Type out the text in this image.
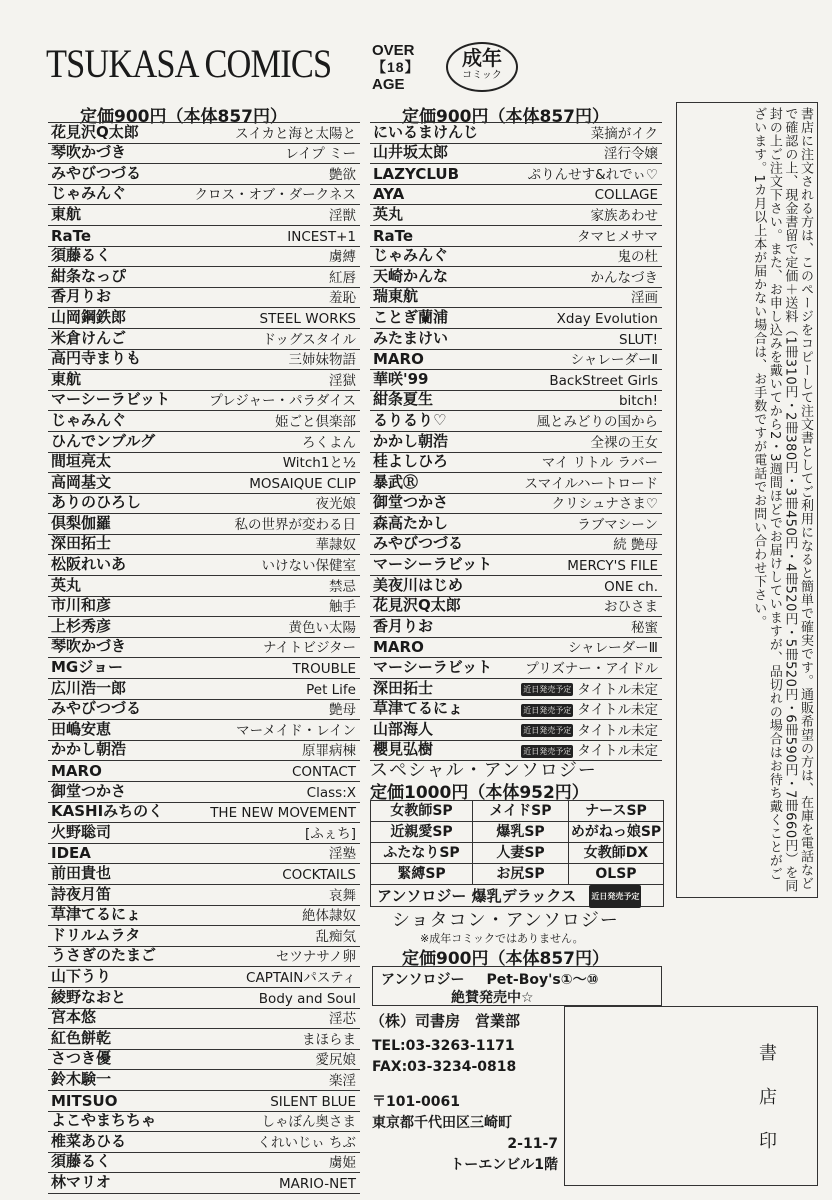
TSUKASA COMICS	OVER
【18】
AGE
成年
コミック
定価900円（本体857円）	定価900円（本体857円）
花見沢Q太郎	スイカと海と太陽と
琴吹かづき	レイプ ミー
みやびつづる	艶欲
じゃみんぐ	クロス・オブ・ダークネス
東航	淫獣
RaTe	INCEST+1
須藤るく	虜縛
紺条なっぴ	紅唇
香月りお	羞恥
山岡鋼鉄郎	STEEL WORKS
米倉けんご	ドッグスタイル
高円寺まりも	三姉妹物語
東航	淫獄
マーシーラビット	プレジャー・パラダイス
じゃみんぐ	姫ごと倶楽部
ひんでンブルグ	ろくよん
間垣亮太	Witch1と½
高岡基文	MOSAIQUE CLIP
ありのひろし	夜光娘
倶梨伽羅	私の世界が変わる日
深田拓士	華隷奴
松阪れいあ	いけない保健室
英丸	禁忌
市川和彦	触手
上杉秀彦	黄色い太陽
琴吹かづき	ナイトビジター
MGジョー	TROUBLE
広川浩一郎	Pet Life
みやびつづる	艶母
田嶋安恵	マーメイド・レイン
かかし朝浩	原罪病棟
MARO	CONTACT
御堂つかさ	Class:X
KASHIみちのく	THE NEW MOVEMENT
火野聡司	[ふぇち]
IDEA	淫塾
前田貴也	COCKTAILS
詩夜月笛	哀舞
草津てるにょ	絶体隷奴
ドリルムラタ	乱痴気
うさぎのたまご	セツナサノ卵
山下うり	CAPTAINパスティ
綾野なおと	Body and Soul
宮本悠	淫芯
紅色餅乾	まほらま
さつき優	愛尻娘
鈴木験一	楽淫
MITSUO	SILENT BLUE
よこやまちちゃ	しゃぼん奥さま
椎菜あひる	くれいじぃ ちぶ
須藤るく	虜姫
林マリオ	MARIO-NET
にいるまけんじ	菜摘がイク
山井坂太郎	淫行令嬢
LAZYCLUB	ぷりんせす&れでぃ♡
AYA	COLLAGE
英丸	家族あわせ
RaTe	タマヒメサマ
じゃみんぐ	鬼の杜
天崎かんな	かんなづき
瑞東航	淫画
ことぎ蘭浦	Xday Evolution
みたまけい	SLUT!
MARO	シャレーダーⅡ
華咲'99	BackStreet Girls
紺条夏生	bitch!
るりるり♡	風とみどりの国から
かかし朝浩	全裸の王女
桂よしひろ	マイ リトル ラバー
暴武Ⓡ	スマイルハートロード
御堂つかさ	クリシュナさま♡
森高たかし	ラブマシーン
みやびつづる	続 艶母
マーシーラビット	MERCY'S FILE
美夜川はじめ	ONE ch.
花見沢Q太郎	おひさま
香月りお	秘蜜
MARO	シャレーダーⅢ
マーシーラビット プリズナー・アイドル
深田拓士	近日発売予定 タイトル未定
草津てるにょ	近日発売予定 タイトル未定
山部海人	近日発売予定 タイトル未定
櫻見弘樹	近日発売予定 タイトル未定
スペシャル・アンソロジー
定価1000円（本体952円）
女教師SP	メイドSP	ナースSP
近親愛SP	爆乳SP	めがねっ娘SP
ふたなりSP	人妻SP	女教師DX
緊縛SP	お尻SP	OLSP
アンソロジー 爆乳デラックス 近日発売予定
ショタコン・アンソロジー
※成年コミックではありません。
定価900円（本体857円）
アンソロジー Pet-Boy's①〜⑩
絶賛発売中☆
（株）司書房　営業部
TEL:03-3263-1171
FAX:03-3234-0818
〒101-0061
東京都千代田区三崎町
2-11-7
トーエンビル1階
書店に注文される方は、このページをコピーして注文書としてご利用になると簡単で確実です。通販希望の方は、在庫を電話などで確認の上、現金書留で定価＋送料（1冊310円・2冊380円・3冊450円・4冊520円・5冊520円・6冊590円・7冊660円）を同封の上ご注文下さい。また、お申し込みを戴いてから2・3週間ほどでお届けしていますが、品切れの場合はお待ち戴くことがございます。1カ月以上本が届かない場合は、お手数ですが電話でお問い合わせ下さい。
書店印
